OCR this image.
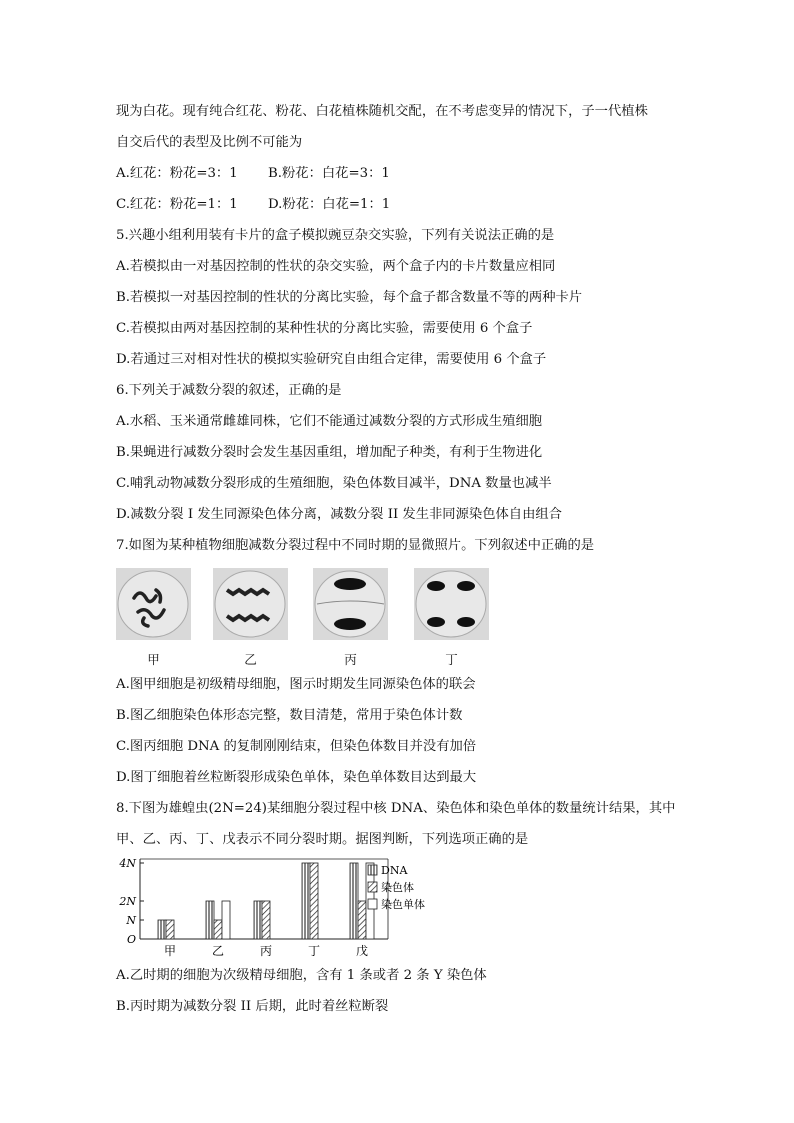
现为白花。现有纯合红花、粉花、白花植株随机交配，在不考虑变异的情况下，子一代植株
自交后代的表型及比例不可能为
A.红花：粉花=3：1 B.粉花：白花=3：1
C.红花：粉花=1：1 D.粉花：白花=1：1
5.兴趣小组利用装有卡片的盒子模拟豌豆杂交实验，下列有关说法正确的是
A.若模拟由一对基因控制的性状的杂交实验，两个盒子内的卡片数量应相同
B.若模拟一对基因控制的性状的分离比实验，每个盒子都含数量不等的两种卡片
C.若模拟由两对基因控制的某种性状的分离比实验，需要使用 6 个盒子
D.若通过三对相对性状的模拟实验研究自由组合定律，需要使用 6 个盒子
6.下列关于减数分裂的叙述，正确的是
A.水稻、玉米通常雌雄同株，它们不能通过减数分裂的方式形成生殖细胞
B.果蝇进行减数分裂时会发生基因重组，增加配子种类，有利于生物进化
C.哺乳动物减数分裂形成的生殖细胞，染色体数目减半，DNA 数量也减半
D.减数分裂 I 发生同源染色体分离，减数分裂 II 发生非同源染色体自由组合
7.如图为某种植物细胞减数分裂过程中不同时期的显微照片。下列叙述中正确的是
甲	乙	丙	丁
A.图甲细胞是初级精母细胞，图示时期发生同源染色体的联会
B.图乙细胞染色体形态完整，数目清楚，常用于染色体计数
C.图丙细胞 DNA 的复制刚刚结束，但染色体数目并没有加倍
D.图丁细胞着丝粒断裂形成染色单体，染色单体数目达到最大
8.下图为雄蝗虫(2N=24)某细胞分裂过程中核 DNA、染色体和染色单体的数量统计结果，其中
甲、乙、丙、丁、戊表示不同分裂时期。据图判断，下列选项正确的是
O
N
2N
4N
甲	乙	丙	丁	戊
DNA
染色体
染色单体
A.乙时期的细胞为次级精母细胞，含有 1 条或者 2 条 Y 染色体
B.丙时期为减数分裂 II 后期，此时着丝粒断裂
